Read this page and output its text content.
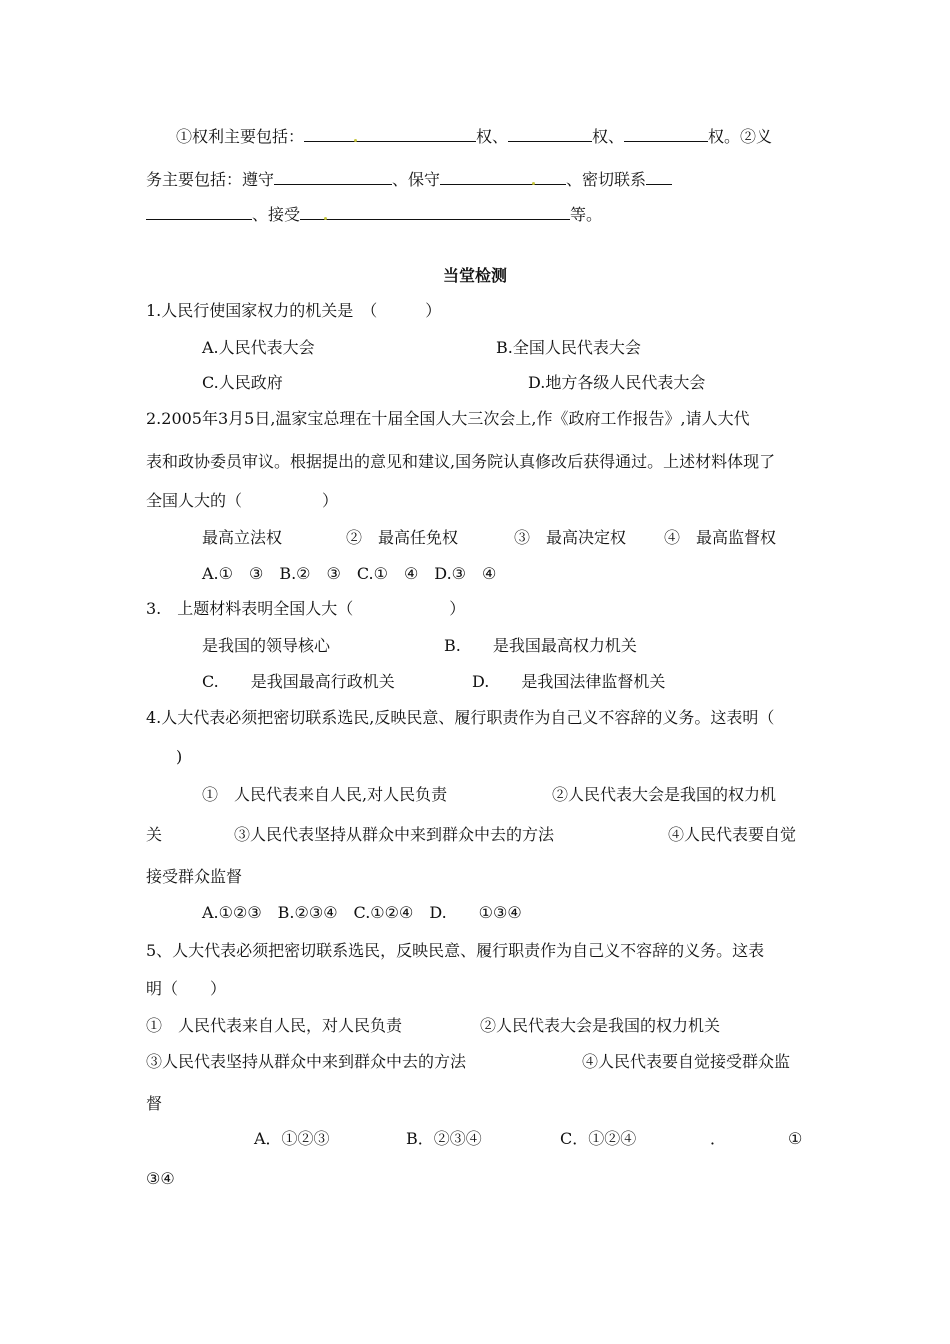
①权利主要包括：	权、	权、	权。②义
务主要包括：遵守	、保守	、密切联系
、接受	等。
当堂检测
1.人民行使国家权力的机关是　（　　　）
A.人民代表大会	B.全国人民代表大会
C.人民政府	D.地方各级人民代表大会
2.2005年3月5日,温家宝总理在十届全国人大三次会上,作《政府工作报告》,请人大代
表和政协委员审议。根据提出的意见和建议,国务院认真修改后获得通过。上述材料体现了
全国人大的（　　　　　）
最高立法权	②　最高任免权	③　最高决定权 ④　最高监督权
A.①　③　B.②　③　C.①　④　D.③　④
3.　上题材料表明全国人大（　　　　　　）
是我国的领导核心	B.　　是我国最高权力机关
C.　　是我国最高行政机关	D.　　是我国法律监督机关
4.人大代表必须把密切联系选民,反映民意、履行职责作为自己义不容辞的义务。这表明（
)
①　人民代表来自人民,对人民负责	②人民代表大会是我国的权力机
关	③人民代表坚持从群众中来到群众中去的方法	④人民代表要自觉
接受群众监督
A.①②③　B.②③④　C.①②④　D.　　①③④
5、人大代表必须把密切联系选民，反映民意、履行职责作为自己义不容辞的义务。这表
明（　　）
①　人民代表来自人民，对人民负责	②人民代表大会是我国的权力机关
③人民代表坚持从群众中来到群众中去的方法	④人民代表要自觉接受群众监
督
A．①②③	B．②③④	C．①②④	．	①
③④
